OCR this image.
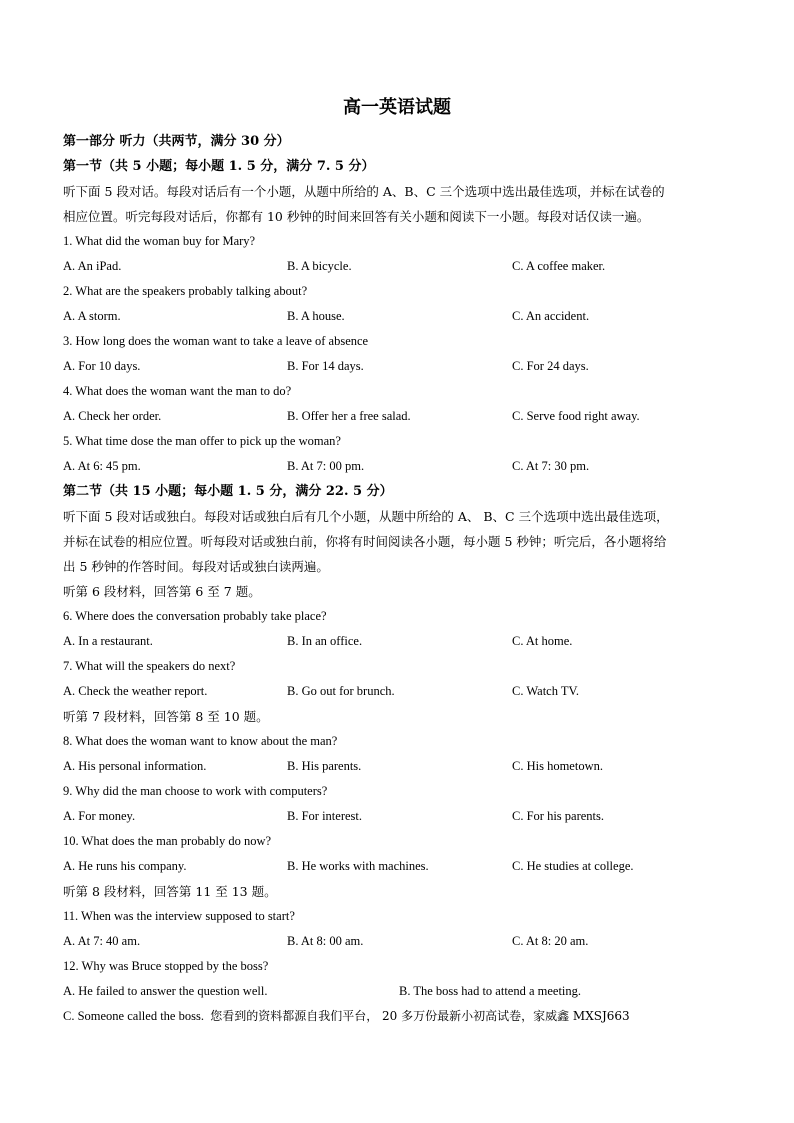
高一英语试题
第一部分 听力（共两节，满分 30 分）
第一节（共 5 小题；每小题 1. 5 分，满分 7. 5 分）
听下面 5 段对话。每段对话后有一个小题，从题中所给的 A、B、C 三个选项中选出最佳选项，并标在试卷的
相应位置。听完每段对话后，你都有 10 秒钟的时间来回答有关小题和阅读下一小题。每段对话仅读一遍。
1. What did the woman buy for Mary?
A. An iPad.	B. A bicycle.	C. A coffee maker.
2. What are the speakers probably talking about?
A. A storm.	B. A house.	C. An accident.
3. How long does the woman want to take a leave of absence
A. For 10 days.	B. For 14 days.	C. For 24 days.
4. What does the woman want the man to do?
A. Check her order.	B. Offer her a free salad.	C. Serve food right away.
5. What time dose the man offer to pick up the woman?
A. At 6: 45 pm.	B. At 7: 00 pm.	C. At 7: 30 pm.
第二节（共 15 小题；每小题 1. 5 分，满分 22. 5 分）
听下面 5 段对话或独白。每段对话或独白后有几个小题，从题中所给的 A、 B、C 三个选项中选出最佳选项，
并标在试卷的相应位置。听每段对话或独白前，你将有时间阅读各小题，每小题 5 秒钟；听完后，各小题将给
出 5 秒钟的作答时间。每段对话或独白读两遍。
听第 6 段材料，回答第 6 至 7 题。
6. Where does the conversation probably take place?
A. In a restaurant.	B. In an office.	C. At home.
7. What will the speakers do next?
A. Check the weather report.	B. Go out for brunch.	C. Watch TV.
听第 7 段材料，回答第 8 至 10 题。
8. What does the woman want to know about the man?
A. His personal information.	B. His parents.	C. His hometown.
9. Why did the man choose to work with computers?
A. For money.	B. For interest.	C. For his parents.
10. What does the man probably do now?
A. He runs his company.	B. He works with machines.	C. He studies at college.
听第 8 段材料，回答第 11 至 13 题。
11. When was the interview supposed to start?
A. At 7: 40 am.	B. At 8: 00 am.	C. At 8: 20 am.
12. Why was Bruce stopped by the boss?
A. He failed to answer the question well.	B. The boss had to attend a meeting.
C. Someone called the boss. 您看到的资料都源自我们平台， 20 多万份最新小初高试卷，家威鑫 MXSJ663
